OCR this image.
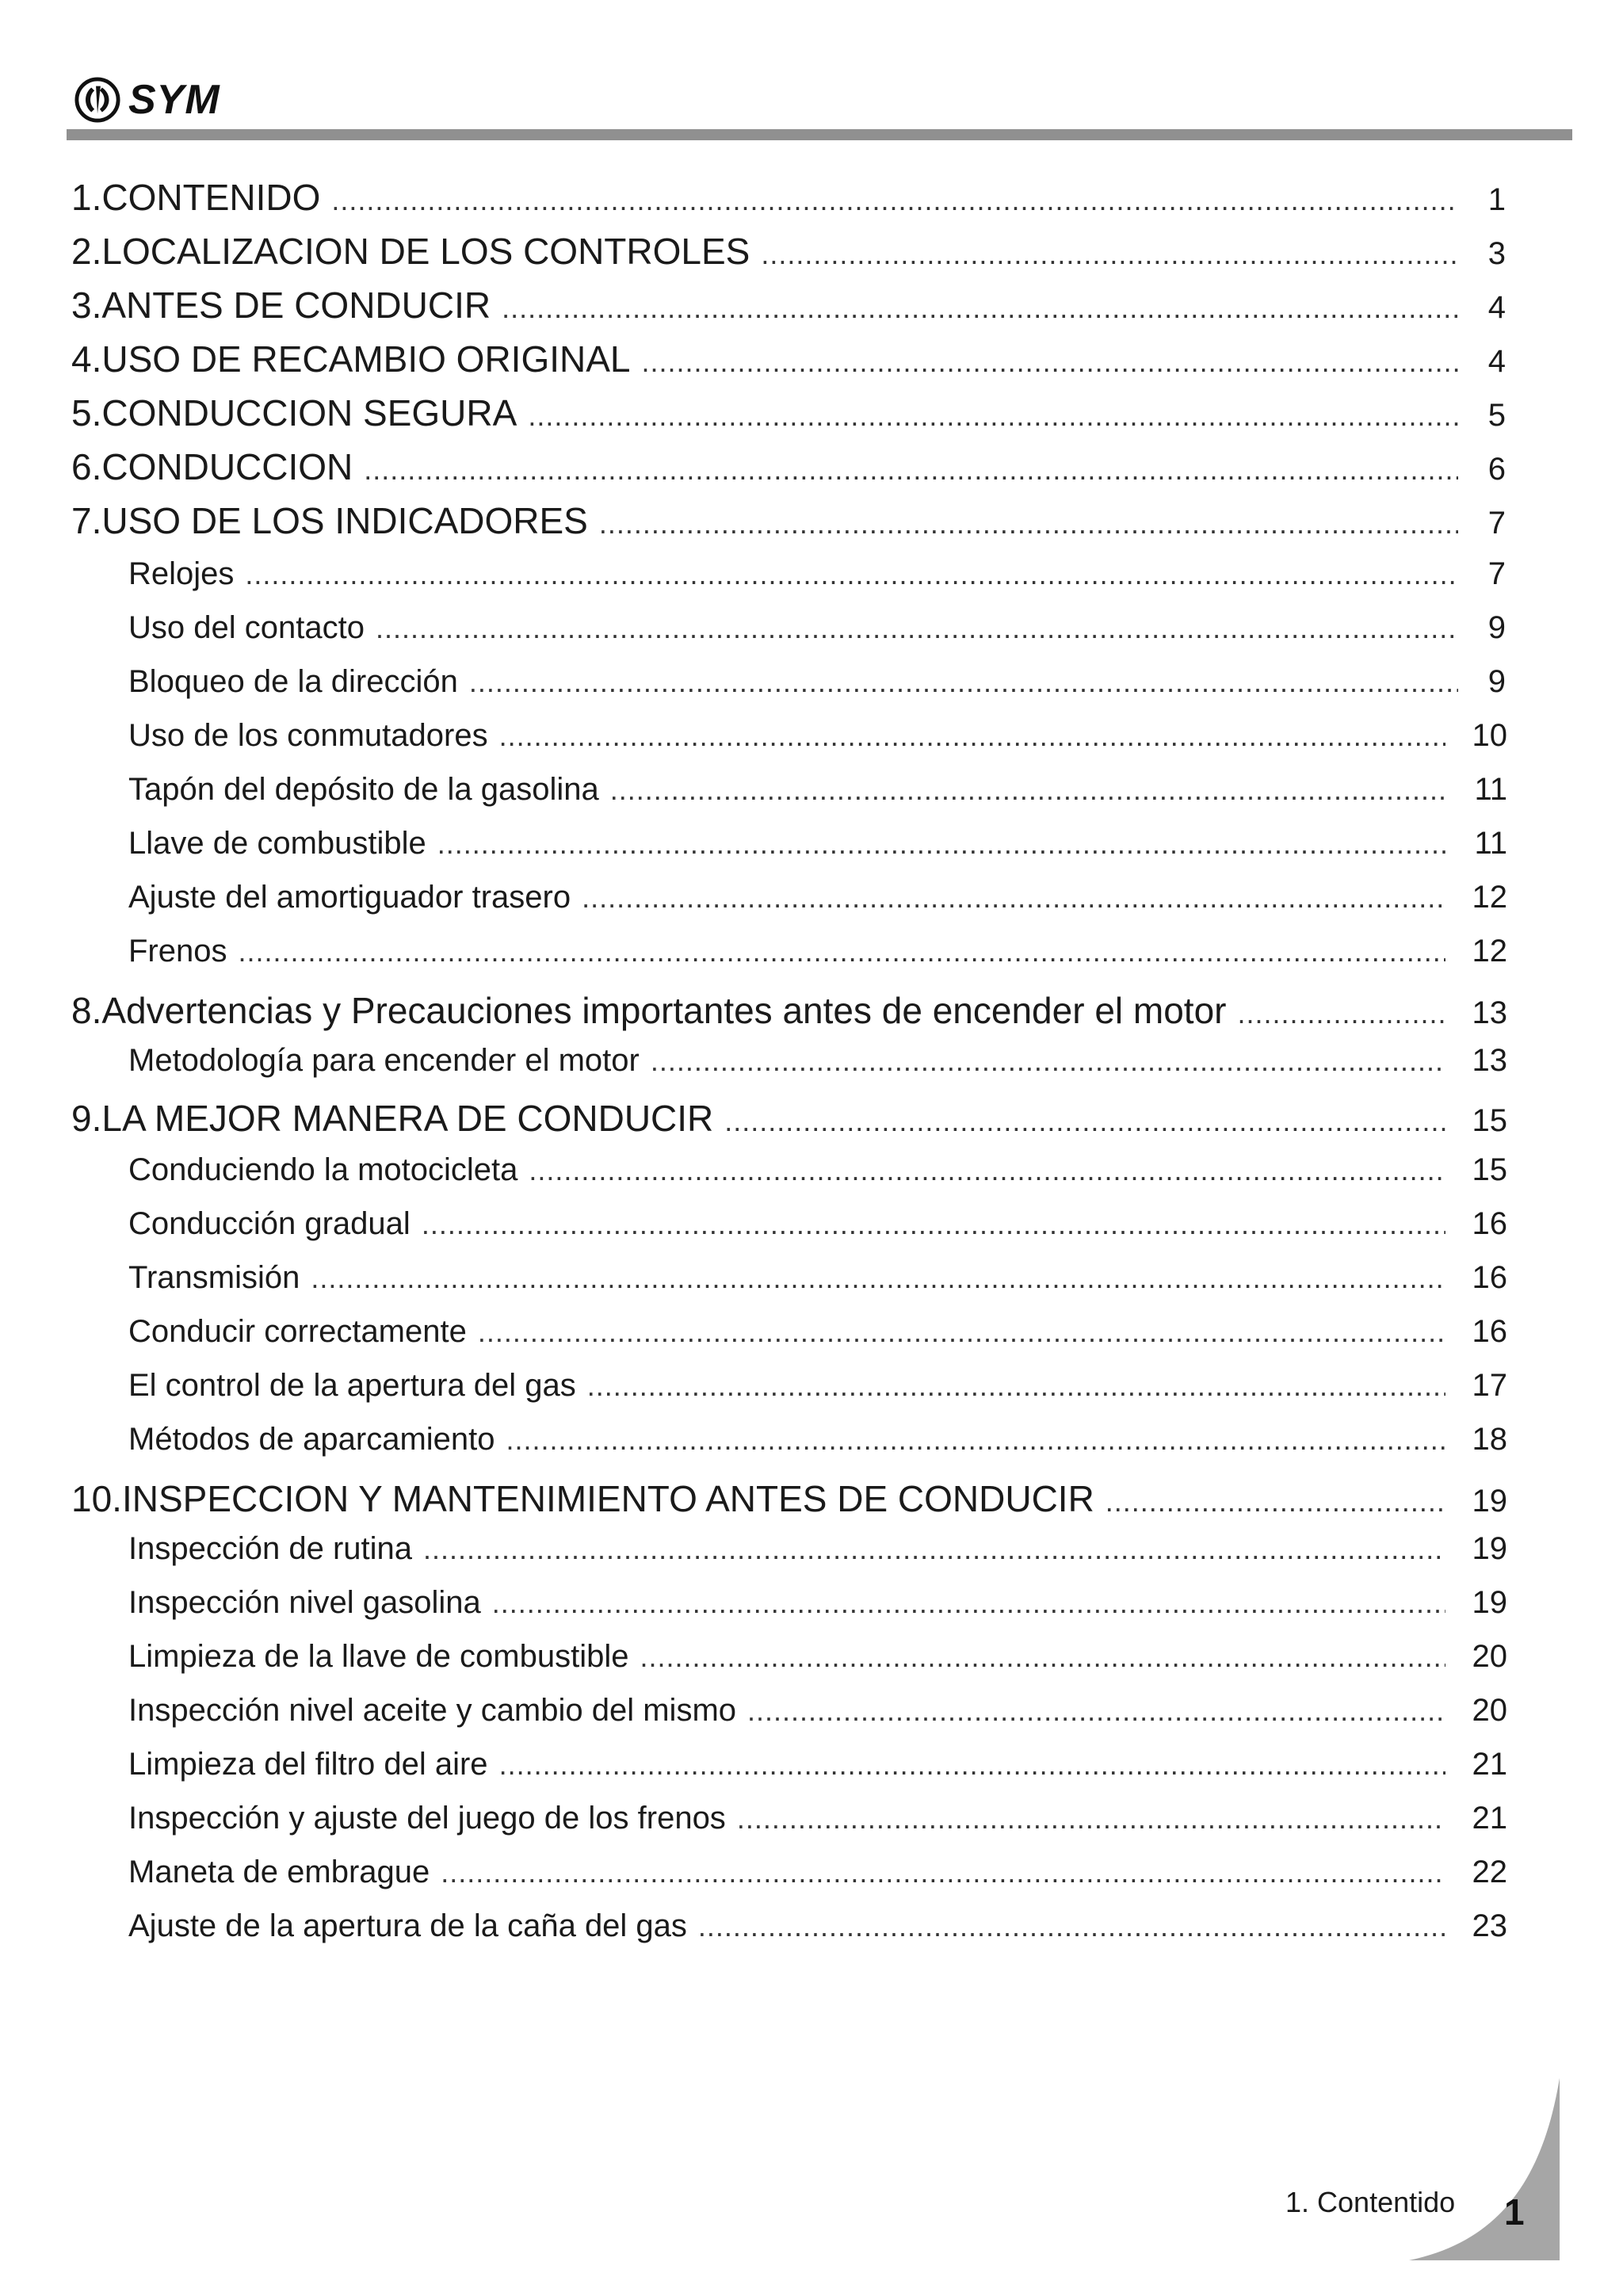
SYM
1. CONTENIDO .....	1
2. LOCALIZACION DE LOS CONTROLES .....	3
3. ANTES DE CONDUCIR .....	4
4. USO DE RECAMBIO ORIGINAL .....	4
5. CONDUCCION SEGURA .....	5
6. CONDUCCION .....	6
7. USO DE LOS INDICADORES .....	7
Relojes .....	7
Uso del contacto .....	9
Bloqueo de la dirección .....	9
Uso de los conmutadores .....	10
Tapón del depósito de la gasolina .....	11
Llave de combustible .....	11
Ajuste del amortiguador trasero .....	12
Frenos .....	12
8. Advertencias y Precauciones importantes antes de encender el motor .....	13
Metodología para encender el motor .....	13
9. LA MEJOR MANERA DE CONDUCIR .....	15
Conduciendo la motocicleta .....	15
Conducción gradual .....	16
Transmisión .....	16
Conducir correctamente .....	16
El control de la apertura del gas .....	17
Métodos de aparcamiento .....	18
10. INSPECCION Y MANTENIMIENTO ANTES DE CONDUCIR .....	19
Inspección de rutina .....	19
Inspección nivel gasolina .....	19
Limpieza de la llave de combustible .....	20
Inspección nivel aceite y cambio del mismo .....	20
Limpieza del filtro del aire .....	21
Inspección y ajuste del juego de los frenos .....	21
Maneta de embrague .....	22
Ajuste de la apertura de la caña del gas .....	23
1. Contentido 1
